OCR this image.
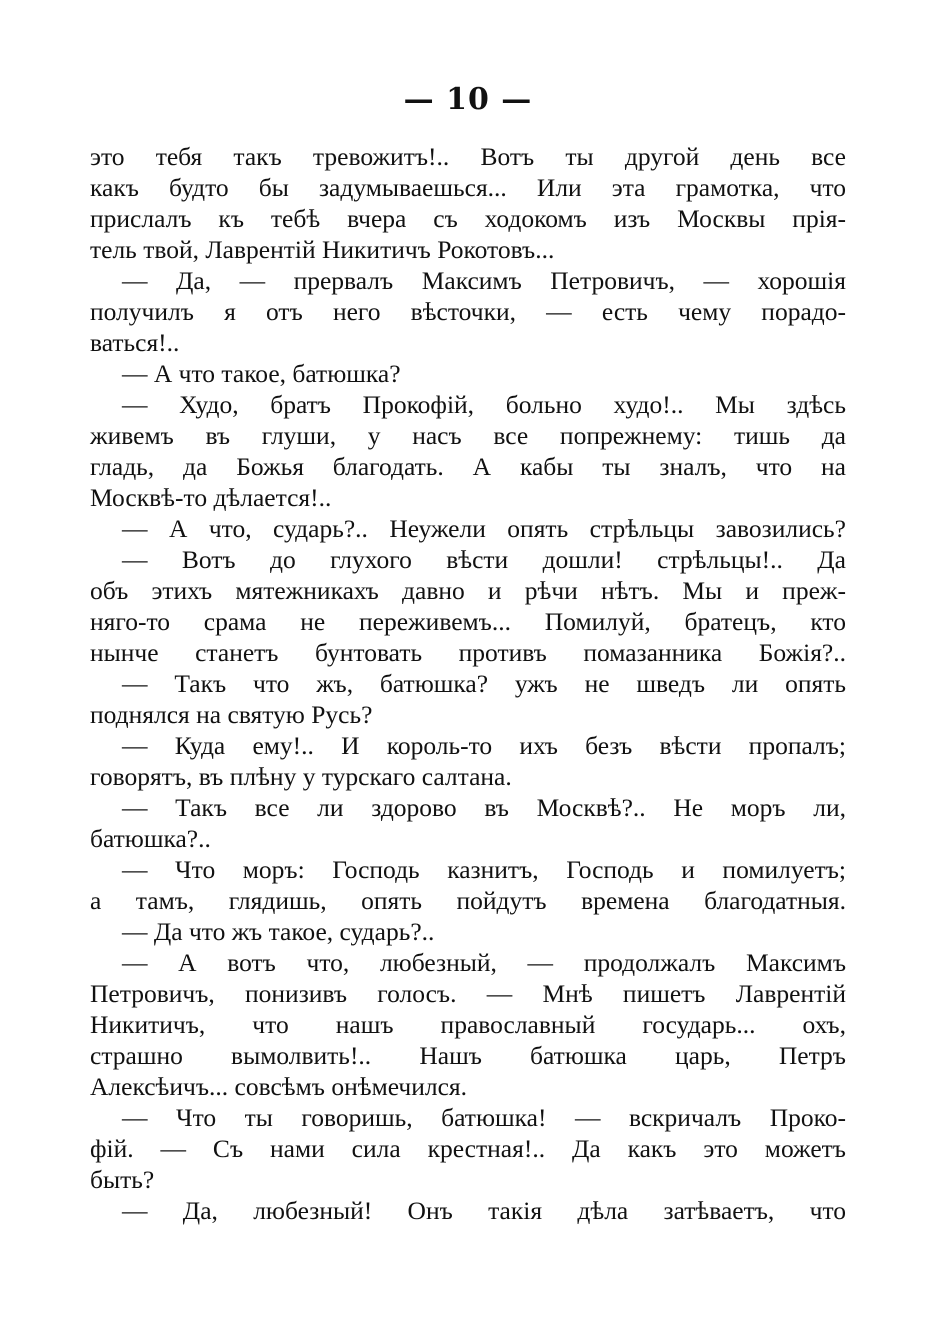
— 10 —
это тебя такъ тревожитъ!.. Вотъ ты другой день все
какъ будто бы задумываешься... Или эта грамотка, что
прислалъ къ тебѣ вчера съ ходокомъ изъ Москвы прія-
тель твой, Лаврентій Никитичъ Рокотовъ...
— Да, — прервалъ Максимъ Петровичъ, — хорошія
получилъ я отъ него вѣсточки, — есть чему порадо-
ваться!..
— А что такое, батюшка?
— Худо, братъ Прокофій, больно худо!.. Мы здѣсь
живемъ въ глуши, у насъ все попрежнему: тишь да
гладь, да Божья благодать. А кабы ты зналъ, что на
Москвѣ-то дѣлается!..
— А что, сударь?.. Неужели опять стрѣльцы завозились?
— Вотъ до глухого вѣсти дошли! стрѣльцы!.. Да
объ этихъ мятежникахъ давно и рѣчи нѣтъ. Мы и преж-
няго-то срама не переживемъ... Помилуй, братецъ, кто
нынче станетъ бунтовать противъ помазанника Божія?..
— Такъ что жъ, батюшка? ужъ не шведъ ли опять
поднялся на святую Русь?
— Куда ему!.. И король-то ихъ безъ вѣсти пропалъ;
говорятъ, въ плѣну у турскаго салтана.
— Такъ все ли здорово въ Москвѣ?.. Не моръ ли,
батюшка?..
— Что моръ: Господь казнитъ, Господь и помилуетъ;
а тамъ, глядишь, опять пойдутъ времена благодатныя.
— Да что жъ такое, сударь?..
— А вотъ что, любезный, — продолжалъ Максимъ
Петровичъ, понизивъ голосъ. — Мнѣ пишетъ Лаврентій
Никитичъ, что нашъ православный государь... охъ,
страшно вымолвить!.. Нашъ батюшка царь, Петръ
Алексѣичъ... совсѣмъ онѣмечился.
— Что ты говоришь, батюшка! — вскричалъ Проко-
фій. — Съ нами сила крестная!.. Да какъ это можетъ
быть?
— Да, любезный! Онъ такія дѣла затѣваетъ, что
